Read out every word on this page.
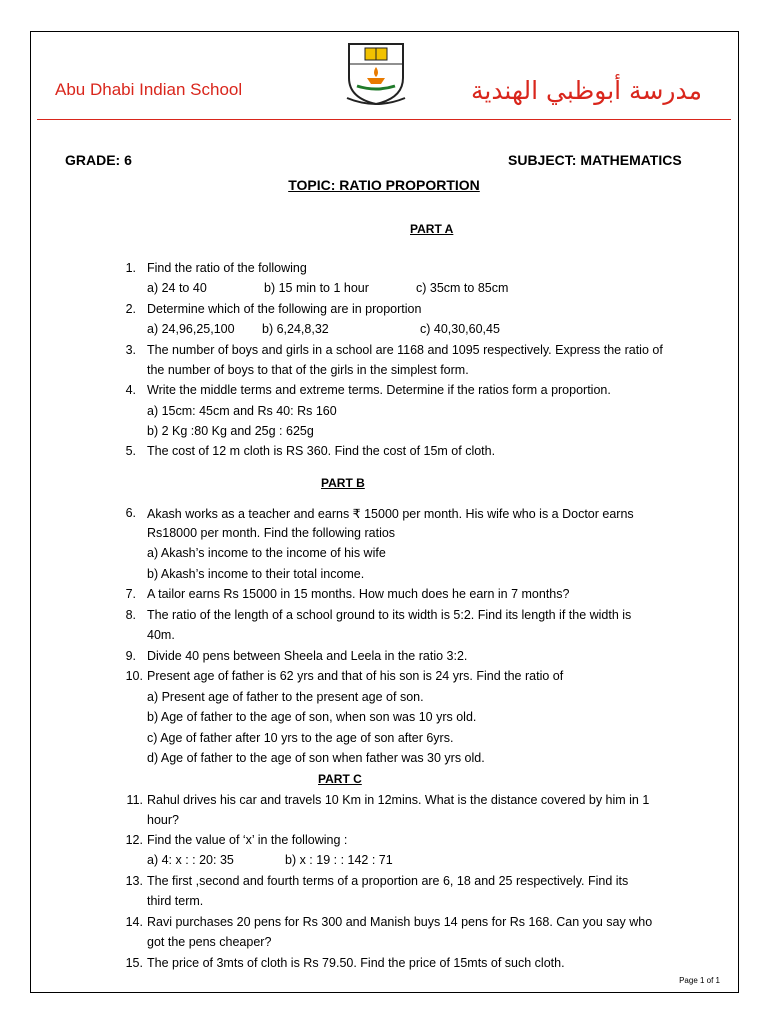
Abu Dhabi Indian School	مدرسة أبوظبي الهندية
GRADE: 6	SUBJECT: MATHEMATICS
TOPIC: RATIO PROPORTION
PART A
1. Find the ratio of the following
a) 24 to 40	b) 15 min to 1 hour	c) 35cm to 85cm
2. Determine which of the following are in proportion
a) 24,96,25,100 b) 6,24,8,32	c) 40,30,60,45
3. The number of boys and girls in a school are 1168 and 1095 respectively. Express the ratio of
the number of boys to that of the girls in the simplest form.
4. Write the middle terms and extreme terms. Determine if the ratios form a proportion.
a) 15cm: 45cm and Rs 40: Rs 160
b) 2 Kg :80 Kg and 25g : 625g
5. The cost of 12 m cloth is RS 360. Find the cost of 15m of cloth.
PART B
6. Akash works as a teacher and earns ₹ 15000 per month. His wife who is a Doctor earns
Rs18000 per month. Find the following ratios
a) Akash’s income to the income of his wife
b) Akash’s income to their total income.
7. A tailor earns Rs 15000 in 15 months. How much does he earn in 7 months?
8. The ratio of the length of a school ground to its width is 5:2. Find its length if the width is
40m.
9. Divide 40 pens between Sheela and Leela in the ratio 3:2.
10. Present age of father is 62 yrs and that of his son is 24 yrs. Find the ratio of
a) Present age of father to the present age of son.
b) Age of father to the age of son, when son was 10 yrs old.
c) Age of father after 10 yrs to the age of son after 6yrs.
d) Age of father to the age of son when father was 30 yrs old.
PART C
11. Rahul drives his car and travels 10 Km in 12mins. What is the distance covered by him in 1
hour?
12. Find the value of ‘x’ in the following :
a) 4: x : : 20: 35	b) x : 19 : : 142 : 71
13. The first ,second and fourth terms of a proportion are 6, 18 and 25 respectively. Find its
third term.
14. Ravi purchases 20 pens for Rs 300 and Manish buys 14 pens for Rs 168. Can you say who
got the pens cheaper?
15. The price of 3mts of cloth is Rs 79.50. Find the price of 15mts of such cloth.
Page 1 of 1
